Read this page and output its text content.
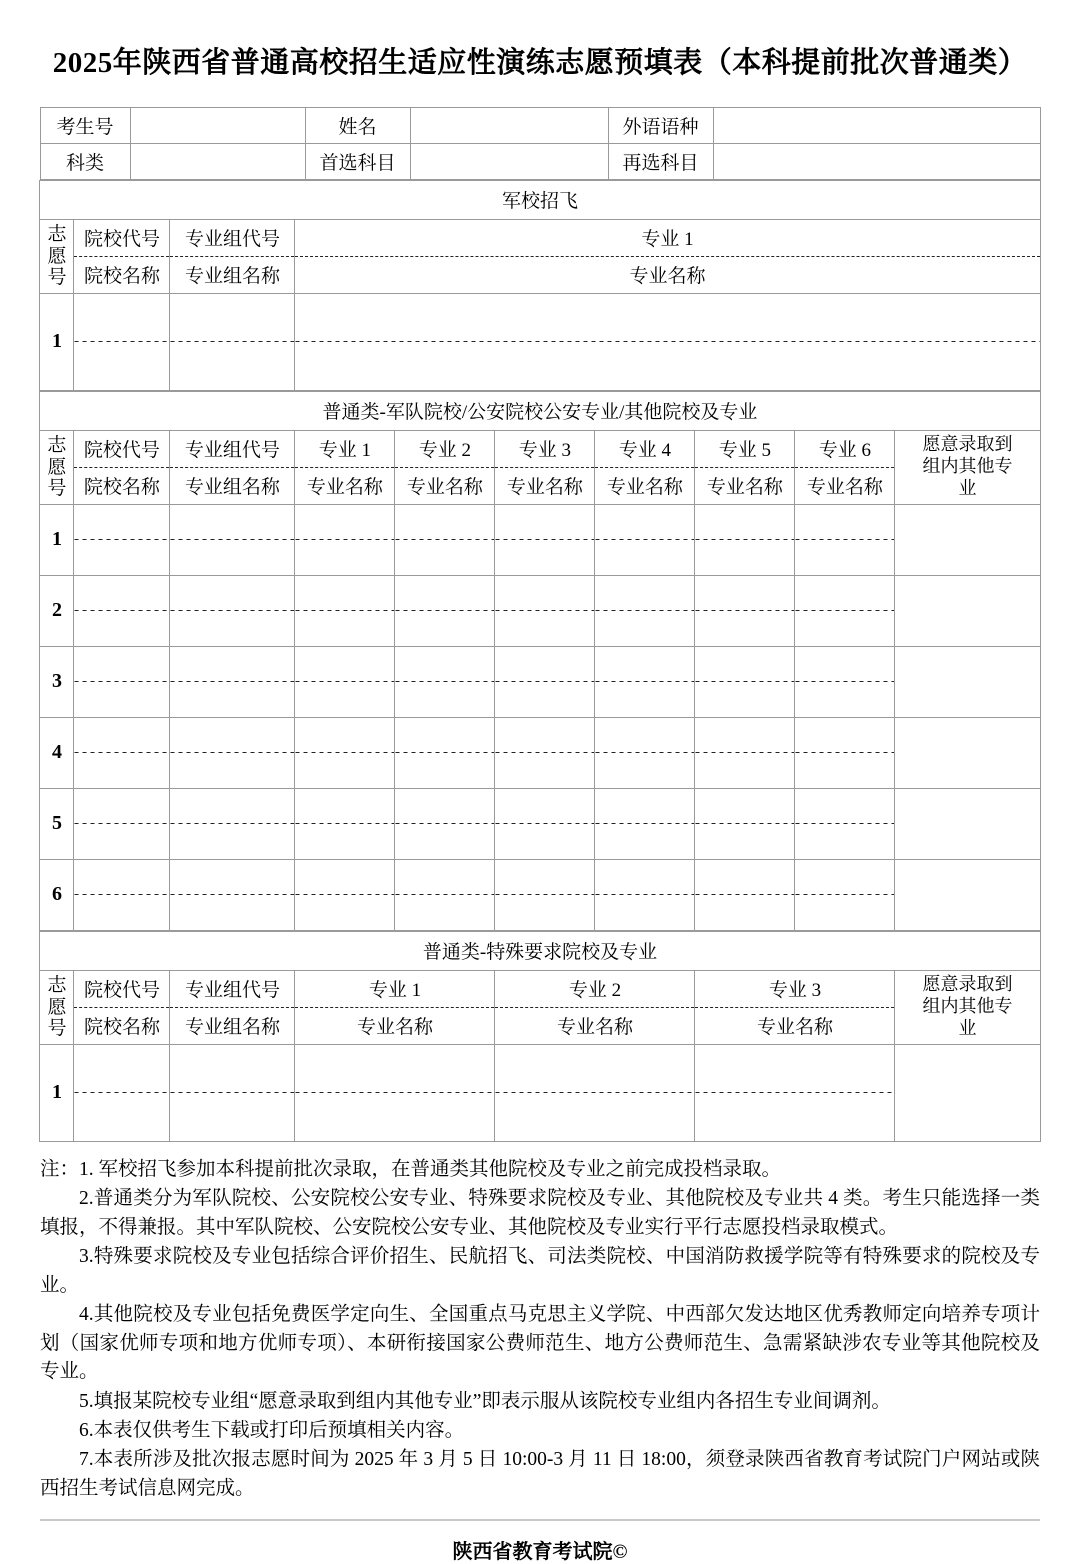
2025年陕西省普通高校招生适应性演练志愿预填表（本科提前批次普通类）
考生号		姓名		外语语种	
科类		首选科目		再选科目	
军校招飞			

志
愿
号	院校代号	专业组代号	专业 1
	院校名称	专业组名称	专业名称
1			
普通类-军队院校/公安院校公安专业/其他院校及专业									

志
愿
号	院校代号	专业组代号	专业 1	专业 2	专业 3	专业 4	专业 5	专业 6	愿意录取到
组内其他专
业
	院校名称	专业组名称	专业名称	专业名称	专业名称	专业名称	专业名称	专业名称	
1									
2									
3									
4									
5									
6									
普通类-特殊要求院校及专业						

志
愿
号	院校代号	专业组代号	专业 1	专业 2	专业 3	愿意录取到
组内其他专
业
	院校名称	专业组名称	专业名称	专业名称	专业名称	
1						

注：1. 军校招飞参加本科提前批次录取，在普通类其他院校及专业之前完成投档录取。

2.普通类分为军队院校、公安院校公安专业、特殊要求院校及专业、其他院校及专业共 4 类。考生只能选择一类填报，不得兼报。其中军队院校、公安院校公安专业、其他院校及专业实行平行志愿投档录取模式。

3.特殊要求院校及专业包括综合评价招生、民航招飞、司法类院校、中国消防救援学院等有特殊要求的院校及专业。

4.其他院校及专业包括免费医学定向生、全国重点马克思主义学院、中西部欠发达地区优秀教师定向培养专项计划（国家优师专项和地方优师专项）、本研衔接国家公费师范生、地方公费师范生、急需紧缺涉农专业等其他院校及专业。

5.填报某院校专业组“愿意录取到组内其他专业”即表示服从该院校专业组内各招生专业间调剂。

6.本表仅供考生下载或打印后预填相关内容。

7.本表所涉及批次报志愿时间为 2025 年 3 月 5 日 10:00-3 月 11 日 18:00，须登录陕西省教育考试院门户网站或陕西招生考试信息网完成。

陕西省教育考试院©
